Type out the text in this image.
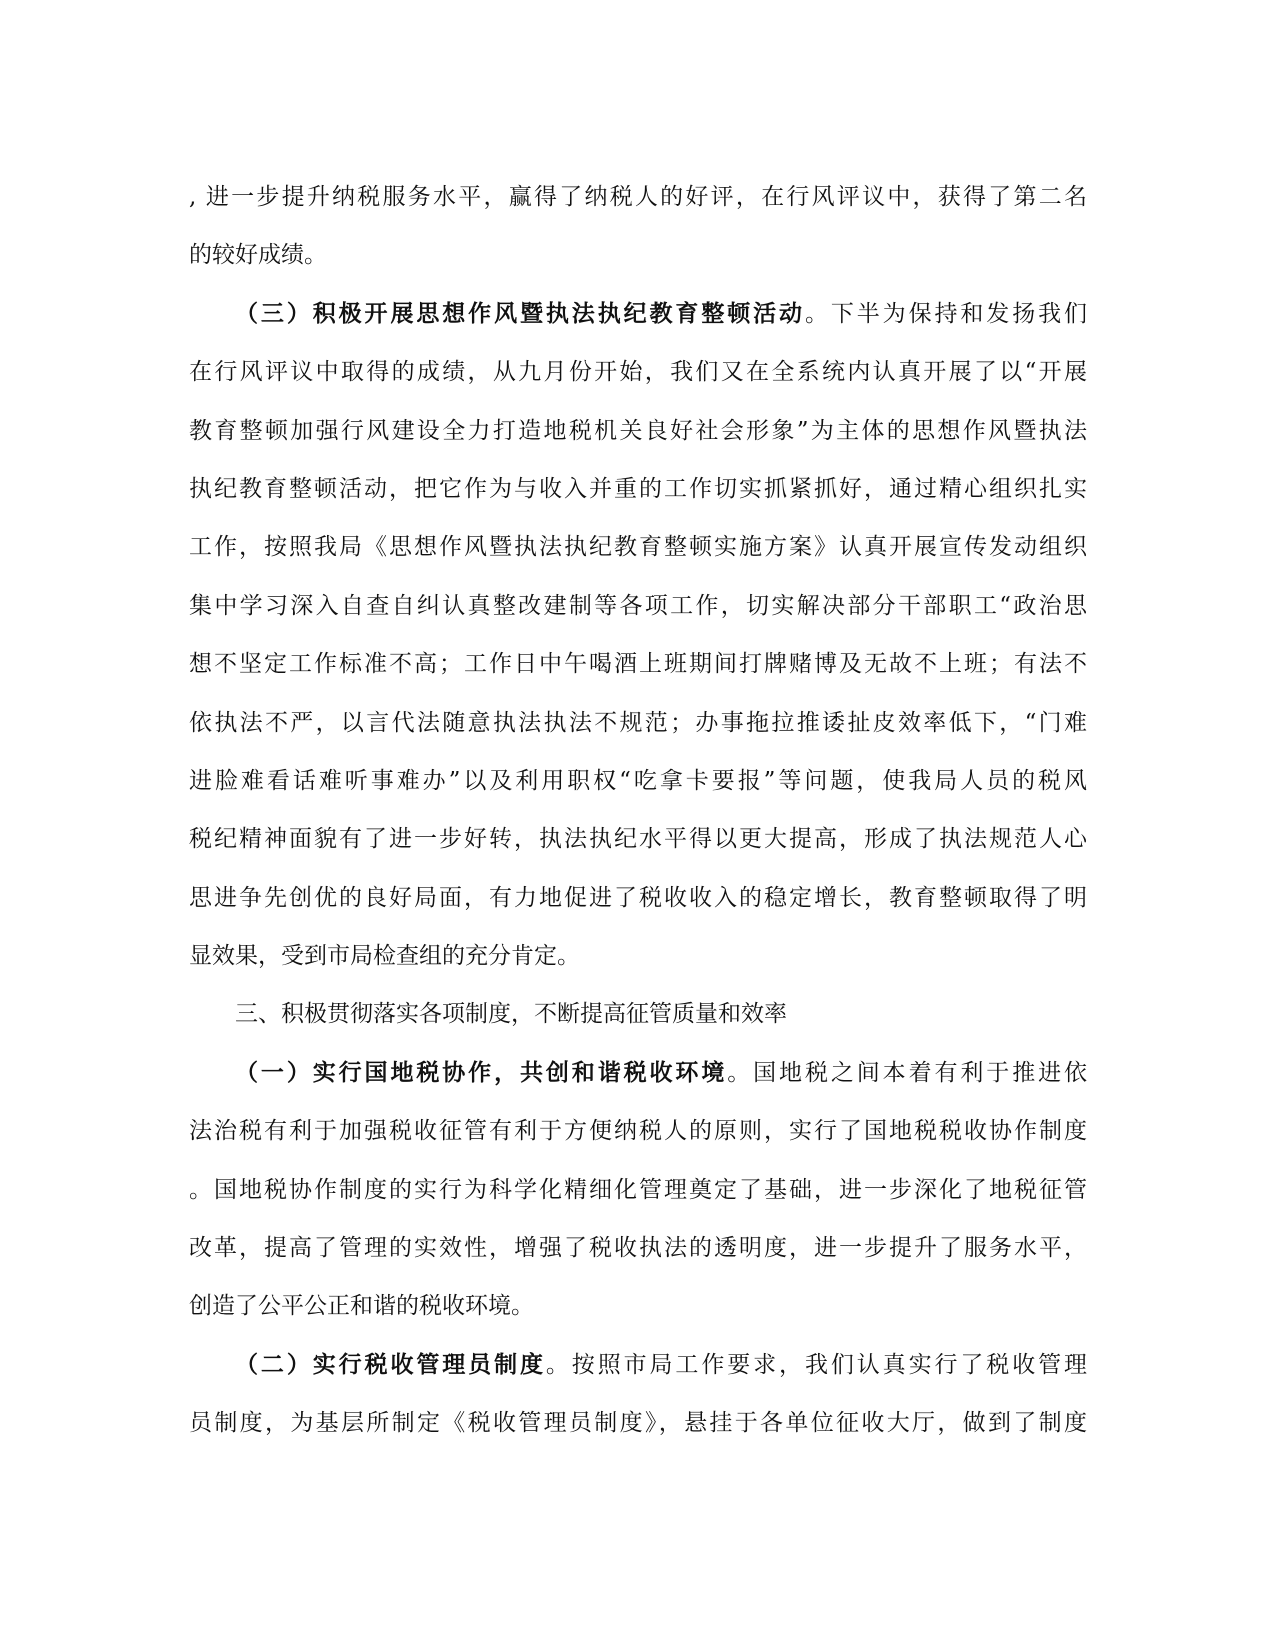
, 进一步提升纳税服务水平，赢得了纳税人的好评，在行风评议中，获得了第二名
的较好成绩。
（三）积极开展思想作风暨执法执纪教育整顿活动。下半为保持和发扬我们
在行风评议中取得的成绩，从九月份开始，我们又在全系统内认真开展了以“开展
教育整顿加强行风建设全力打造地税机关良好社会形象”为主体的思想作风暨执法
执纪教育整顿活动，把它作为与收入并重的工作切实抓紧抓好，通过精心组织扎实
工作，按照我局《思想作风暨执法执纪教育整顿实施方案》认真开展宣传发动组织
集中学习深入自查自纠认真整改建制等各项工作，切实解决部分干部职工“政治思
想不坚定工作标准不高；工作日中午喝酒上班期间打牌赌博及无故不上班；有法不
依执法不严，以言代法随意执法执法不规范；办事拖拉推诿扯皮效率低下，“门难
进脸难看话难听事难办”以及利用职权“吃拿卡要报”等问题，使我局人员的税风
税纪精神面貌有了进一步好转，执法执纪水平得以更大提高，形成了执法规范人心
思进争先创优的良好局面，有力地促进了税收收入的稳定增长，教育整顿取得了明
显效果，受到市局检查组的充分肯定。
三、积极贯彻落实各项制度，不断提高征管质量和效率
（一）实行国地税协作，共创和谐税收环境。国地税之间本着有利于推进依
法治税有利于加强税收征管有利于方便纳税人的原则，实行了国地税税收协作制度
。国地税协作制度的实行为科学化精细化管理奠定了基础，进一步深化了地税征管
改革，提高了管理的实效性，增强了税收执法的透明度，进一步提升了服务水平，
创造了公平公正和谐的税收环境。
（二）实行税收管理员制度。按照市局工作要求，我们认真实行了税收管理
员制度，为基层所制定《税收管理员制度》，悬挂于各单位征收大厅，做到了制度
